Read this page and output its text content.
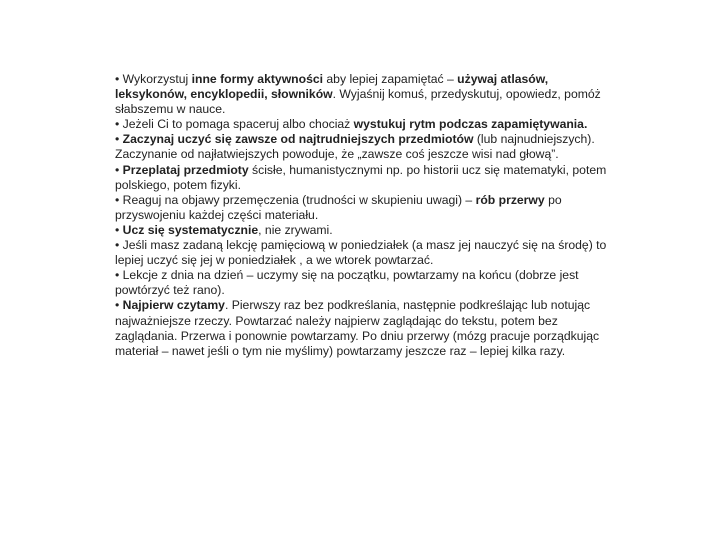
• Wykorzystuj inne formy aktywności aby lepiej zapamiętać – używaj atlasów, leksykonów, encyklopedii, słowników. Wyjaśnij komuś, przedyskutuj, opowiedz, pomóż słabszemu w nauce.

• Jeżeli Ci to pomaga spaceruj albo chociaż wystukuj rytm podczas zapamiętywania.

• Zaczynaj uczyć się zawsze od najtrudniejszych przedmiotów (lub najnudniejszych). Zaczynanie od najłatwiejszych powoduje, że „zawsze coś jeszcze wisi nad głową”.

• Przeplataj przedmioty ścisłe, humanistycznymi np. po historii ucz się matematyki, potem polskiego, potem fizyki.

• Reaguj na objawy przemęczenia (trudności w skupieniu uwagi) – rób przerwy po przyswojeniu każdej części materiału.

• Ucz się systematycznie, nie zrywami.

• Jeśli masz zadaną lekcję pamięciową w poniedziałek (a masz jej nauczyć się na środę) to lepiej uczyć się jej w poniedziałek , a we wtorek powtarzać.

• Lekcje z dnia na dzień – uczymy się na początku, powtarzamy na końcu (dobrze jest powtórzyć też rano).

• Najpierw czytamy. Pierwszy raz bez podkreślania, następnie podkreślając lub notując najważniejsze rzeczy. Powtarzać należy najpierw zaglądając do tekstu, potem bez zaglądania. Przerwa i ponownie powtarzamy. Po dniu przerwy (mózg pracuje porządkując materiał – nawet jeśli o tym nie myślimy) powtarzamy jeszcze raz – lepiej kilka razy.
